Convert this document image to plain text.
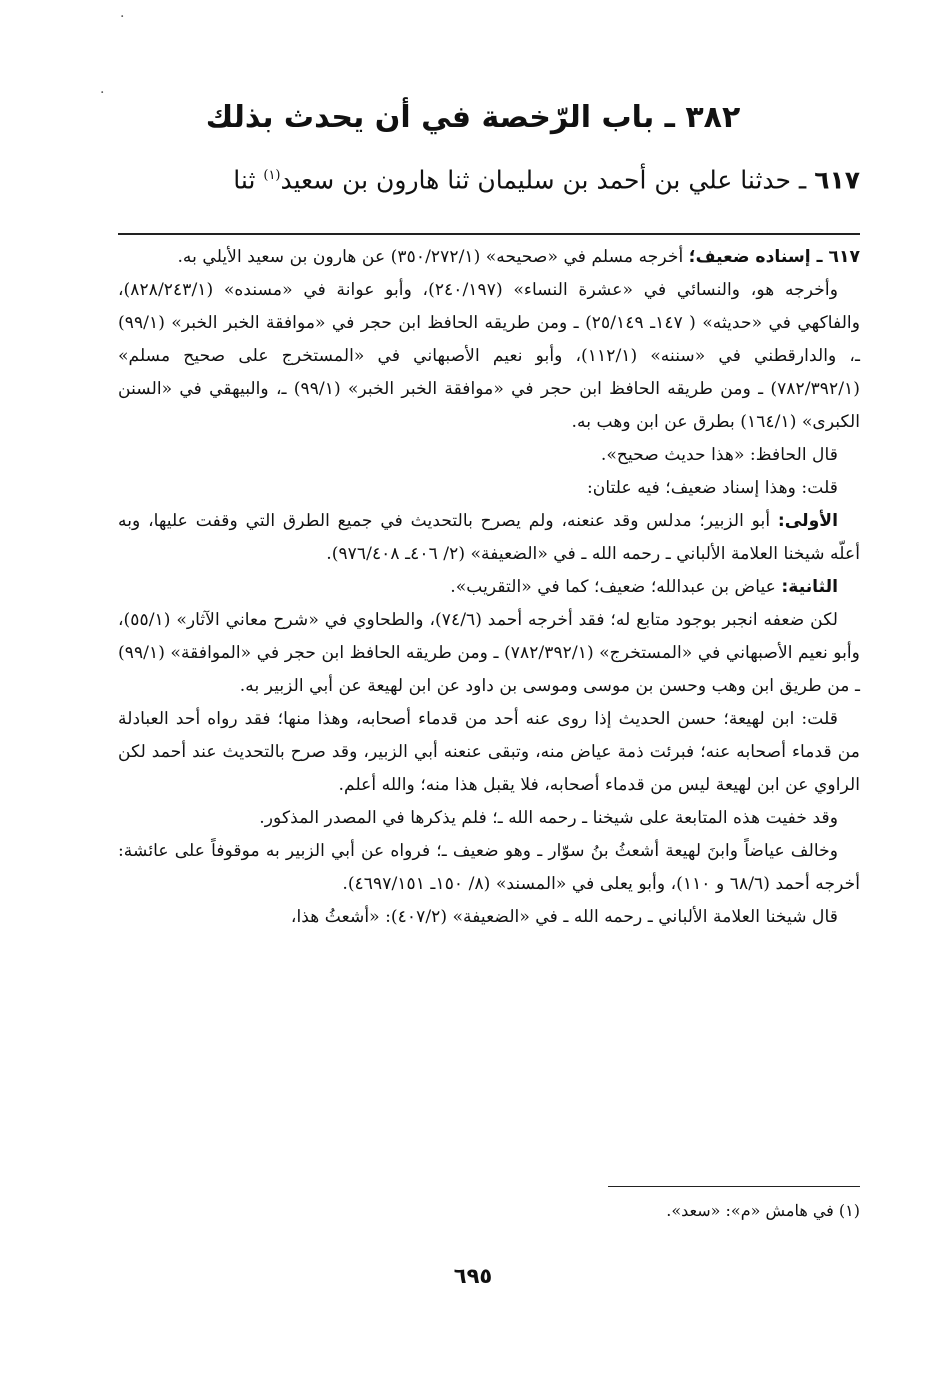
·
·
٣٨٢ ـ باب الرّخصة في أن يحدث بذلك
٦١٧ ـ حدثنا علي بن أحمد بن سليمان ثنا هارون بن سعيد$^{(١)}$ ثنا

٦١٧ ـ إسناده ضعيف؛ أخرجه مسلم في «صحيحه» (٣٥٠/٢٧٢/١) عن هارون بن سعيد الأيلي به.

وأخرجه هو، والنسائي في «عشرة النساء» (٢٤٠/١٩٧)، وأبو عوانة في «مسنده» (٨٢٨/٢٤٣/١)، والفاكهي في «حديثه» ( ١٤٧ـ ٢٥/١٤٩) ـ ومن طريقه الحافظ ابن حجر في «موافقة الخبر الخبر» (٩٩/١) ـ، والدارقطني في «سننه» (١١٢/١)، وأبو نعيم الأصبهاني في «المستخرج على صحيح مسلم» (٧٨٢/٣٩٢/١) ـ ومن طريقه الحافظ ابن حجر في «موافقة الخبر الخبر» (٩٩/١) ـ، والبيهقي في «السنن الكبرى» (١٦٤/١) بطرق عن ابن وهب به.

قال الحافظ: «هذا حديث صحيح».

قلت: وهذا إسناد ضعيف؛ فيه علتان:

الأولى: أبو الزبير؛ مدلس وقد عنعنه، ولم يصرح بالتحديث في جميع الطرق التي وقفت عليها، وبه أعلّه شيخنا العلامة الألباني ـ رحمه الله ـ في «الضعيفة» (٢/ ٤٠٦ـ ٩٧٦/٤٠٨).

الثانية: عياض بن عبدالله؛ ضعيف؛ كما في «التقريب».

لكن ضعفه انجبر بوجود متابع له؛ فقد أخرجه أحمد (٧٤/٦)، والطحاوي في «شرح معاني الآثار» (٥٥/١)، وأبو نعيم الأصبهاني في «المستخرج» (٧٨٢/٣٩٢/١) ـ ومن طريقه الحافظ ابن حجر في «الموافقة» (٩٩/١) ـ من طريق ابن وهب وحسن بن موسى وموسى بن داود عن ابن لهيعة عن أبي الزبير به.

قلت: ابن لهيعة؛ حسن الحديث إذا روى عنه أحد من قدماء أصحابه، وهذا منها؛ فقد رواه أحد العبادلة من قدماء أصحابه عنه؛ فبرئت ذمة عياض منه، وتبقى عنعنه أبي الزبير، وقد صرح بالتحديث عند أحمد لكن الراوي عن ابن لهيعة ليس من قدماء أصحابه، فلا يقبل هذا منه؛ والله أعلم.

وقد خفيت هذه المتابعة على شيخنا ـ رحمه الله ـ؛ فلم يذكرها في المصدر المذكور.

وخالف عياضاً وابنَ لهيعة أشعثُ بنُ سوّار ـ وهو ضعيف ـ؛ فرواه عن أبي الزبير به موقوفاً على عائشة: أخرجه أحمد (٦٨/٦ و ١١٠)، وأبو يعلى في «المسند» (٨/ ١٥٠ـ ٤٦٩٧/١٥١).

قال شيخنا العلامة الألباني ـ رحمه الله ـ في «الضعيفة» (٤٠٧/٢): «أشعثُ هذا،

(١) في هامش «م»: «سعد».
٦٩٥
